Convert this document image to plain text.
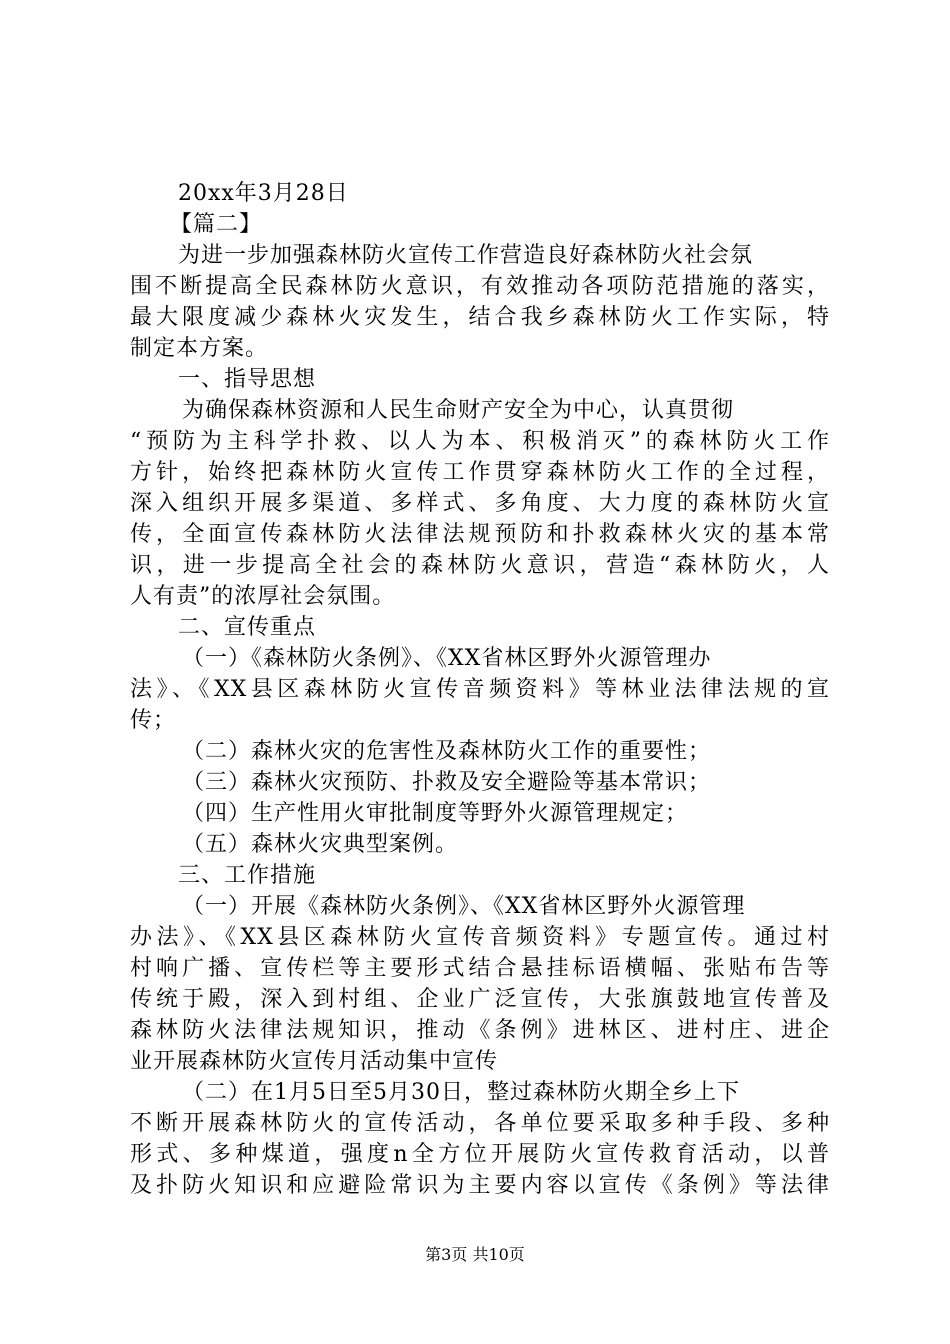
20xx年3月28日
【篇二】
为进一步加强森林防火宣传工作营造良好森林防火社会氛
围不断提高全民森林防火意识，有效推动各项防范措施的落实，
最大限度减少森林火灾发生，结合我乡森林防火工作实际，特
制定本方案。
一、指导思想
为确保森林资源和人民生命财产安全为中心，认真贯彻
“预防为主科学扑救、以人为本、积极消灭”的森林防火工作
方针，始终把森林防火宣传工作贯穿森林防火工作的全过程，
深入组织开展多渠道、多样式、多角度、大力度的森林防火宣
传，全面宣传森林防火法律法规预防和扑救森林火灾的基本常
识，进一步提高全社会的森林防火意识，营造“森林防火，人
人有责”的浓厚社会氛围。
二、宣传重点
（一）《森林防火条例》、《XX省林区野外火源管理办
法》、《XX县区森林防火宣传音频资料》等林业法律法规的宣
传；
（二）森林火灾的危害性及森林防火工作的重要性；
（三）森林火灾预防、扑救及安全避险等基本常识；
（四）生产性用火审批制度等野外火源管理规定；
（五）森林火灾典型案例。
三、工作措施
（一）开展《森林防火条例》、《XX省林区野外火源管理
办法》、《XX县区森林防火宣传音频资料》专题宣传。通过村
村响广播、宣传栏等主要形式结合悬挂标语横幅、张贴布告等
传统于殿，深入到村组、企业广泛宣传，大张旗鼓地宣传普及
森林防火法律法规知识，推动《条例》进林区、进村庄、进企
业开展森林防火宣传月活动集中宣传
（二）在1月5日至5月30日，整过森林防火期全乡上下
不断开展森林防火的宣传活动，各单位要采取多种手段、多种
形式、多种煤道，强度n全方位开展防火宣传救育活动，以普
及扑防火知识和应避险常识为主要内容以宣传《条例》等法律
第3页 共10页
